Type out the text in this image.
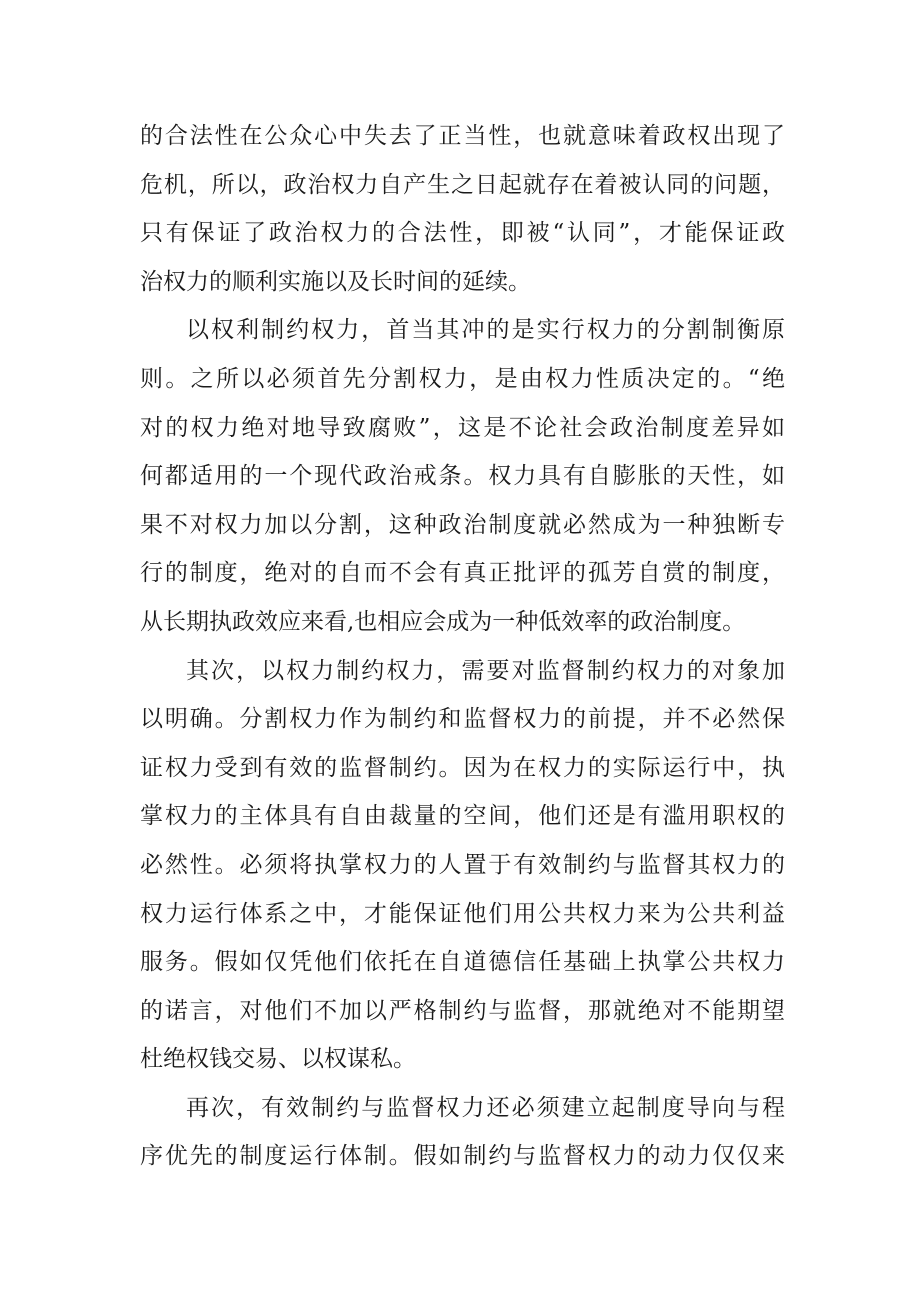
的合法性在公众心中失去了正当性，也就意味着政权出现了
危机，所以，政治权力自产生之日起就存在着被认同的问题，
只有保证了政治权力的合法性，即被“认同”，才能保证政
治权力的顺利实施以及长时间的延续。
以权利制约权力，首当其冲的是实行权力的分割制衡原
则。之所以必须首先分割权力，是由权力性质决定的。“绝
对的权力绝对地导致腐败”，这是不论社会政治制度差异如
何都适用的一个现代政治戒条。权力具有自膨胀的天性，如
果不对权力加以分割，这种政治制度就必然成为一种独断专
行的制度，绝对的自而不会有真正批评的孤芳自赏的制度，
从长期执政效应来看,也相应会成为一种低效率的政治制度。
其次，以权力制约权力，需要对监督制约权力的对象加
以明确。分割权力作为制约和监督权力的前提，并不必然保
证权力受到有效的监督制约。因为在权力的实际运行中，执
掌权力的主体具有自由裁量的空间，他们还是有滥用职权的
必然性。必须将执掌权力的人置于有效制约与监督其权力的
权力运行体系之中，才能保证他们用公共权力来为公共利益
服务。假如仅凭他们依托在自道德信任基础上执掌公共权力
的诺言，对他们不加以严格制约与监督，那就绝对不能期望
杜绝权钱交易、以权谋私。
再次，有效制约与监督权力还必须建立起制度导向与程
序优先的制度运行体制。假如制约与监督权力的动力仅仅来
